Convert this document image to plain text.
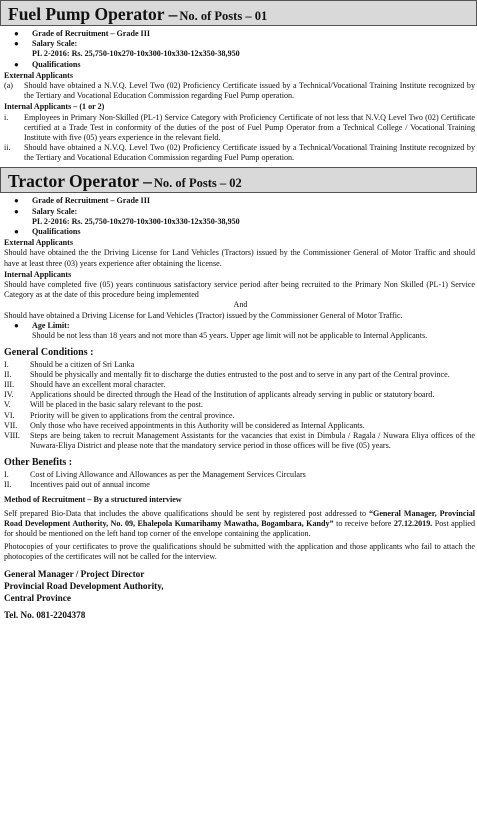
Fuel Pump Operator – No. of Posts – 01
●	Grade of Recruitment – Grade III
●	Salary Scale:
PL 2-2016: Rs. 25,750-10x270-10x300-10x330-12x350-38,950
●	Qualifications
External Applicants
(a)	Should have obtained a N.V.Q. Level Two (02) Proficiency Certificate issued by a Technical/Vocational Training Institute recognized by the Tertiary and Vocational Education Commission regarding Fuel Pump operation.
Internal Applicants – (1 or 2)
i.	Employees in Primary Non-Skilled (PL-1) Service Category with Proficiency Certificate of not less that N.V.Q Level Two (02) Certificate certified at a Trade Test in conformity of the duties of the post of Fuel Pump Operator from a Technical College / Vocational Training Institute with five (05) years experience in the relevant field.
ii.	Should have obtained a N.V.Q. Level Two (02) Proficiency Certificate issued by a Technical/Vocational Training Institute recognized by the Tertiary and Vocational Education Commission regarding Fuel Pump operation.
Tractor Operator – No. of Posts – 02
●	Grade of Recruitment – Grade III
●	Salary Scale:
PL 2-2016: Rs. 25,750-10x270-10x300-10x330-12x350-38,950
●	Qualifications
External Applicants
Should have obtained the the Driving License for Land Vehicles (Tractors) issued by the Commissioner General of Motor Traffic and should have at least three (03) years experience after obtaining the license.
Internal Applicants
Should have completed five (05) years continuous satisfactory service period after being recruited to the Primary Non Skilled (PL-1) Service Category as at the date of this procedure being implemented
And
Should have obtained a Driving License for Land Vehicles (Tractor) issued by the Commissioner General of Motor Traffic.
●	Age Limit:
Should be not less than 18 years and not more than 45 years. Upper age limit will not be applicable to Internal Applicants.
General Conditions :
I.	Should be a citizen of Sri Lanka
II.	Should be physically and mentally fit to discharge the duties entrusted to the post and to serve in any part of the Central province.
III.	Should have an excellent moral character.
IV.	Applications should be directed through the Head of the Institution of applicants already serving in public or statutory board.
V.	Will be placed in the basic salary relevant to the post.
VI.	Priority will be given to applications from the central province.
VII.	Only those who have received appointments in this Authority will be considered as Internal Applicants.
VIII.	Steps are being taken to recruit Management Assistants for the vacancies that exist in Dimbula / Ragala / Nuwara Eliya offices of the Nuwara-Eliya District and please note that the mandatory service period in those offices will be five (05) years.
Other Benefits :
I.	Cost of Living Allowance and Allowances as per the Management Services Circulars
II.	Incentives paid out of annual income
Method of Recruitment – By a structured interview
Self prepared Bio-Data that includes the above qualifications should be sent by registered post addressed to “General Manager, Provincial Road Development Authority, No. 09, Ehalepola Kumarihamy Mawatha, Bogambara, Kandy” to receive before 27.12.2019. Post applied for should be mentioned on the left hand top corner of the envelope containing the application.
Photocopies of your certificates to prove the qualifications should be submitted with the application and those applicants who fail to attach the photocopies of the certificates will not be called for the interview.
General Manager / Project Director
Provincial Road Development Authority,
Central Province
Tel. No. 081-2204378
